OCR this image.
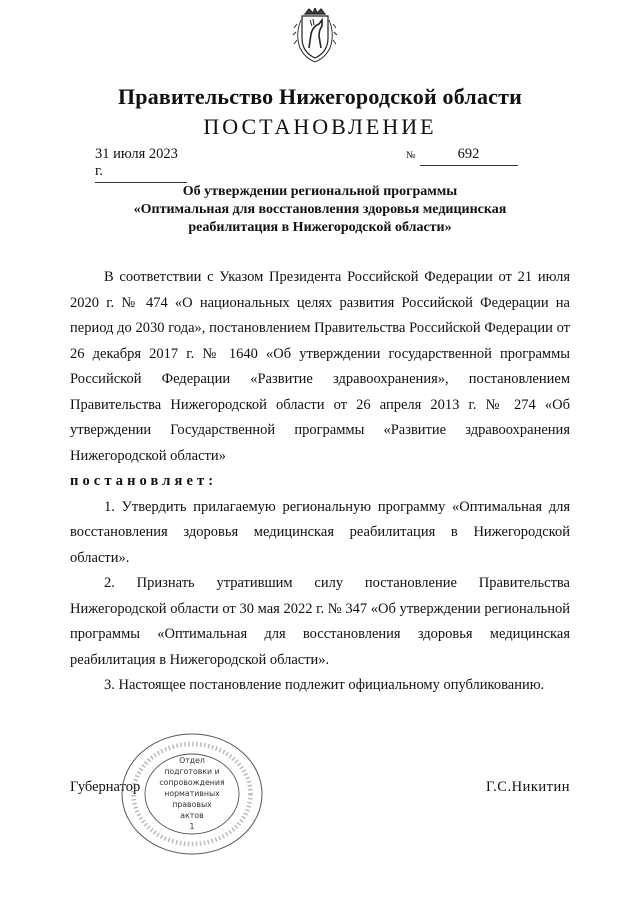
Правительство Нижегородской области
ПОСТАНОВЛЕНИЕ
31 июля 2023 г.
№	692
Об утверждении региональной программы
«Оптимальная для восстановления здоровья медицинская
реабилитация в Нижегородской области»

В соответствии с Указом Президента Российской Федерации от 21 июля 2020 г. № 474 «О национальных целях развития Российской Федерации на период до 2030 года», постановлением Правительства Российской Федерации от 26 декабря 2017 г. № 1640 «Об утверждении государственной программы Российской Федерации «Развитие здравоохранения», постановлением Правительства Нижегородской области от 26 апреля 2013 г. № 274 «Об утверждении Государственной программы «Развитие здравоохранения Нижегородской области»

постановляет:

1. Утвердить прилагаемую региональную программу «Оптимальная для восстановления здоровья медицинская реабилитация в Нижегородской области».

2. Признать утратившим силу постановление Правительства Нижегородской области от 30 мая 2022 г. № 347 «Об утверждении региональной программы «Оптимальная для восстановления здоровья медицинская реабилитация в Нижегородской области».

3. Настоящее постановление подлежит официальному опубликованию.

Губернатор	Г.С.Никитин
Отдел
подготовки и
сопровождения
нормативных
правовых
актов
1
